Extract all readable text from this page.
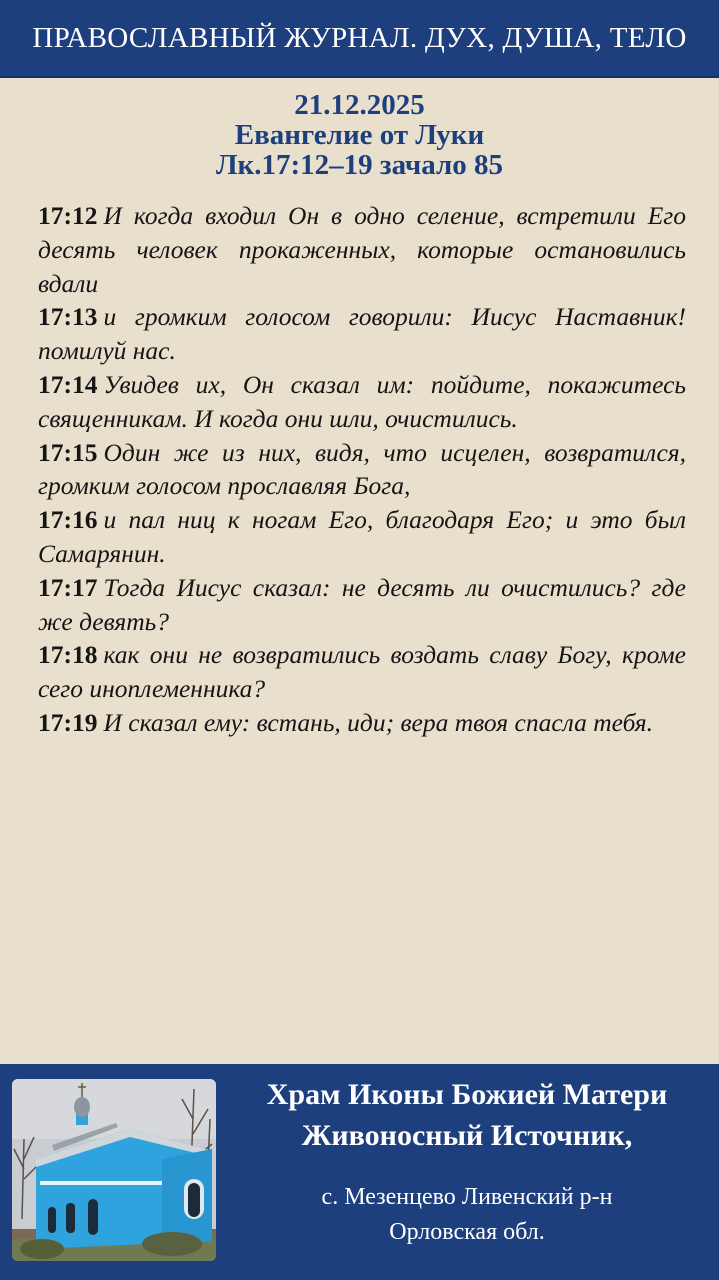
ПРАВОСЛАВНЫЙ ЖУРНАЛ. ДУХ, ДУША, ТЕЛО
21.12.2025
Евангелие от Луки
Лк.17:12–19 зачало 85

17:12 И когда входил Он в одно селение, встретили Его десять человек прокаженных, которые остановились вдали

17:13 и громким голосом говорили: Иисус Наставник! помилуй нас.

17:14 Увидев их, Он сказал им: пойдите, покажитесь священникам. И когда они шли, очистились.

17:15 Один же из них, видя, что исцелен, возвратился, громким голосом прославляя Бога,

17:16 и пал ниц к ногам Его, благодаря Его; и это был Самарянин.

17:17 Тогда Иисус сказал: не десять ли очистились? где же девять?

17:18 как они не возвратились воздать славу Богу, кроме сего иноплеменника?

17:19 И сказал ему: встань, иди; вера твоя спасла тебя.

Храм Иконы Божией Матери
Живоносный Источник,
с. Мезенцево Ливенский р-н
Орловская обл.
